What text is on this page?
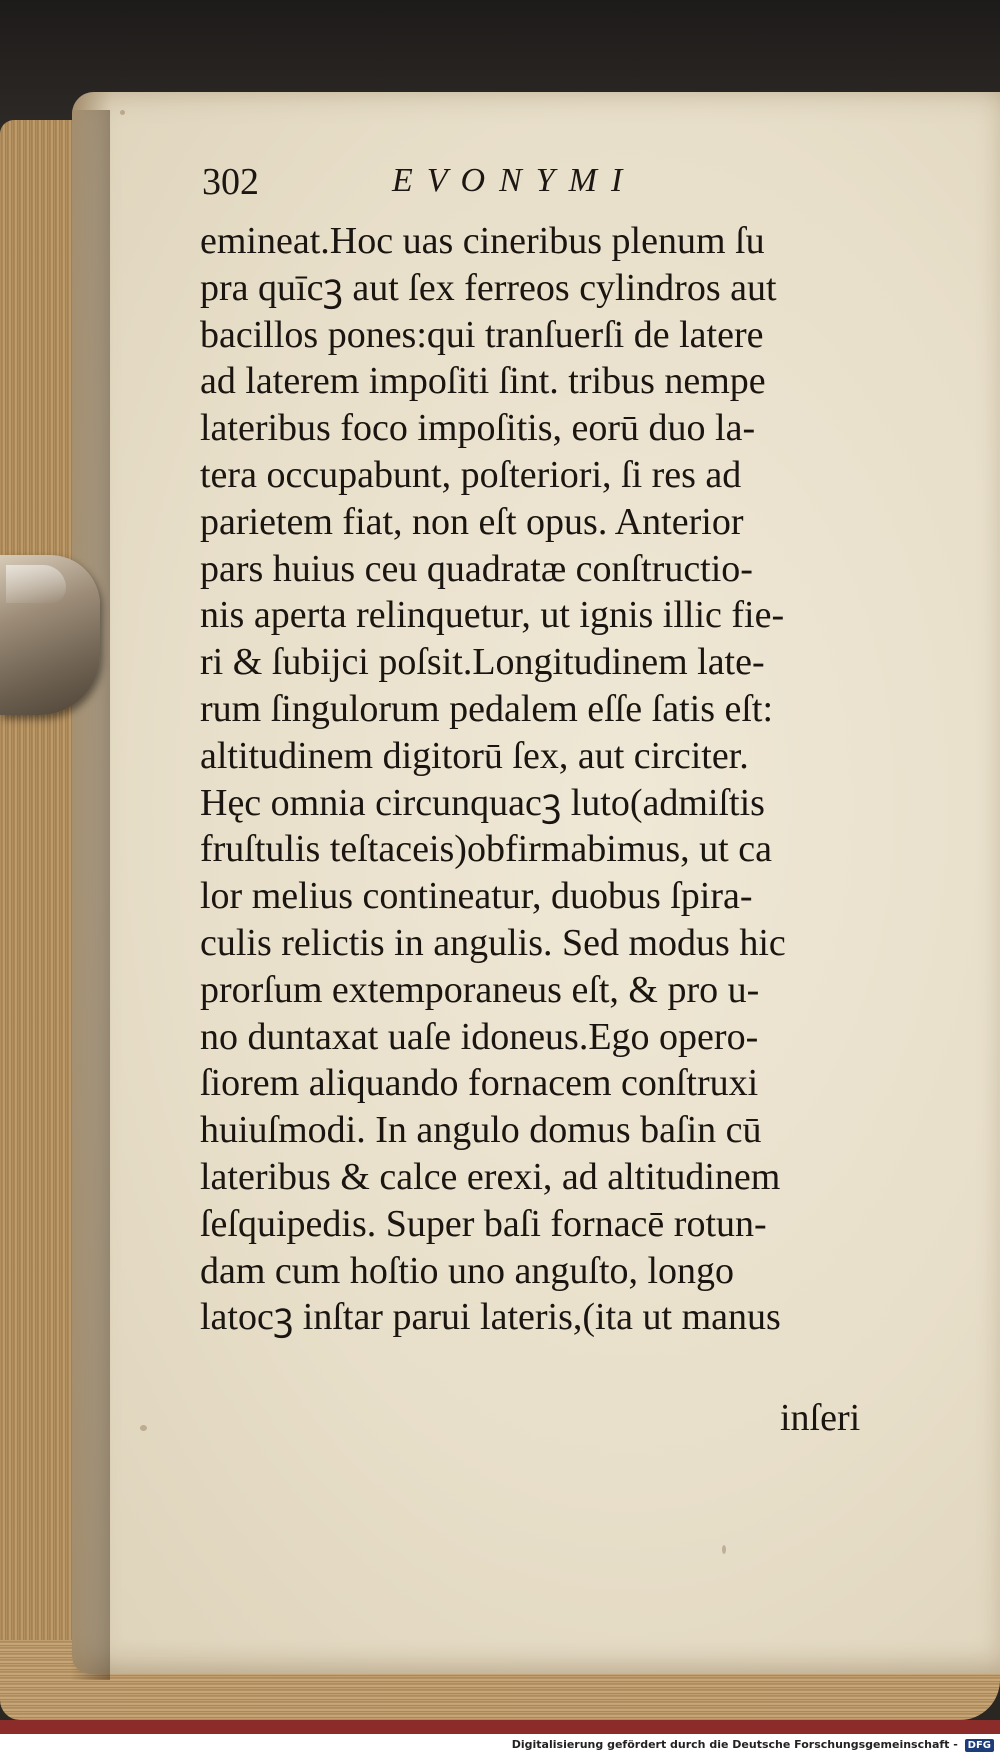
302	EVONYMI
emineat.Hoc uas cineribus plenum ſu
pra quīcꝫ aut ſex ferreos cylindros aut
bacillos pones:qui tranſuerſi de latere
ad laterem impoſiti ſint. tribus nempe
lateribus foco impoſitis, eorū duo la-
tera occupabunt, poſteriori, ſi res ad
parietem fiat, non eſt opus. Anterior
pars huius ceu quadratæ conſtructio-
nis aperta relinquetur, ut ignis illic fie-
ri & ſubijci poſsit.Longitudinem late-
rum ſingulorum pedalem eſſe ſatis eſt:
altitudinem digitorū ſex, aut circiter.
Hęc omnia circunquacꝫ luto(admiſtis
fruſtulis teſtaceis)obfirmabimus, ut ca
lor melius contineatur, duobus ſpira-
culis relictis in angulis. Sed modus hic
prorſum extemporaneus eſt, & pro u-
no duntaxat uaſe idoneus.Ego opero-
ſiorem aliquando fornacem conſtruxi
huiuſmodi. In angulo domus baſin cū
lateribus & calce erexi, ad altitudinem
ſeſquipedis. Super baſi fornacē rotun-
dam cum hoſtio uno anguſto, longo
latocꝫ inſtar parui lateris,(ita ut manus
inſeri
Digitalisierung gefördert durch die Deutsche Forschungsgemeinschaft - DFG
